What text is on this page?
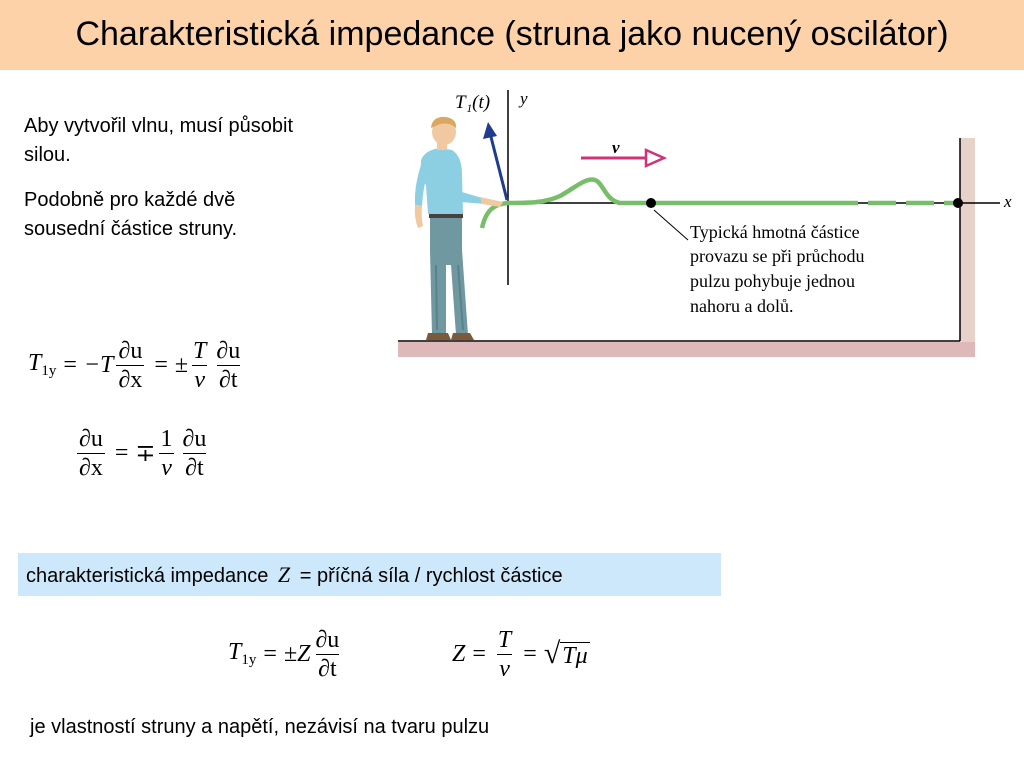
Charakteristická impedance (struna jako nucený oscilátor)
Aby vytvořil vlnu, musí působit silou.
Podobně pro každé dvě sousední částice struny.
x
y
T₁(t)
v
Typická hmotná částice
provazu se při průchodu
pulzu pohybuje jednou
nahoru a dolů.
$T_{1y} = -T \frac{\partial u}{\partial x}$ = ± $\frac{T}{v} \frac{\partial u}{\partial t}$
$\frac{\partial u}{\partial x}$ = ∓ $\frac{1}{v} \frac{\partial u}{\partial t}$
charakteristická impedance Z = příčná síla / rychlost částice
$T_{1y} = \pm Z \frac{\partial u}{\partial t}$	$Z = \frac{T}{v}$ = √ Tμ
je vlastností struny a napětí, nezávisí na tvaru pulzu
